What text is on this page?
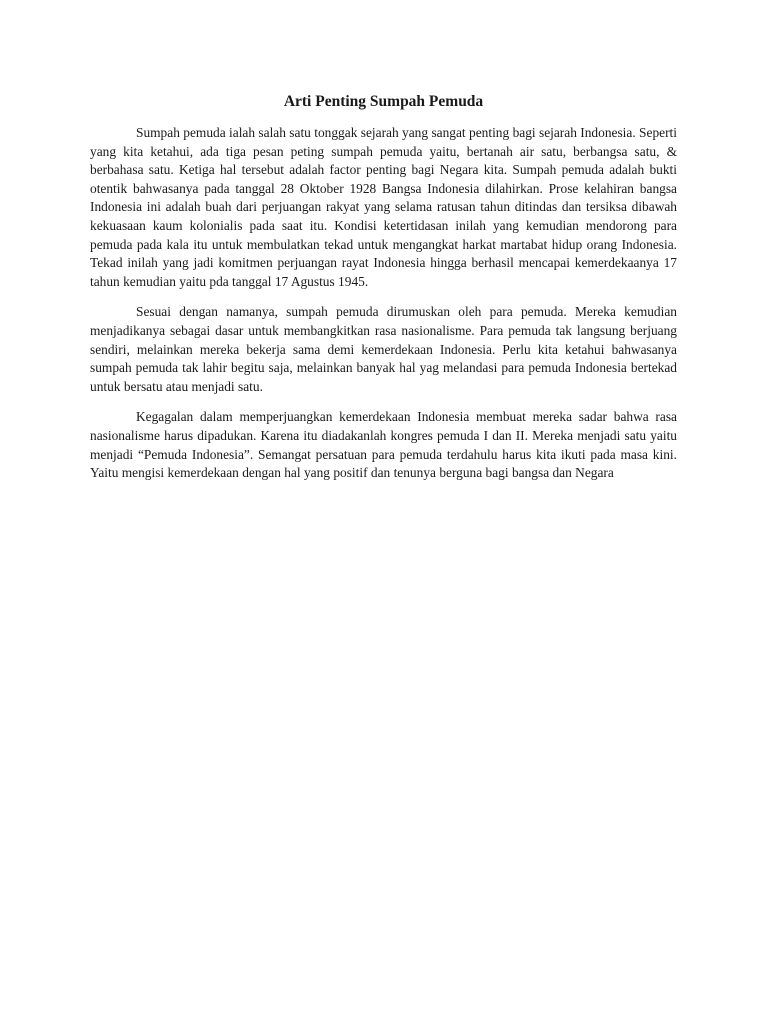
Arti Penting Sumpah Pemuda

Sumpah pemuda ialah salah satu tonggak sejarah yang sangat penting bagi sejarah Indonesia. Seperti yang kita ketahui, ada tiga pesan peting sumpah pemuda yaitu, bertanah air satu, berbangsa satu, & berbahasa satu. Ketiga hal tersebut adalah factor penting bagi Negara kita. Sumpah pemuda adalah bukti otentik bahwasanya pada tanggal 28 Oktober 1928 Bangsa Indonesia dilahirkan. Prose kelahiran bangsa Indonesia ini adalah buah dari perjuangan rakyat yang selama ratusan tahun ditindas dan tersiksa dibawah kekuasaan kaum kolonialis pada saat itu. Kondisi ketertidasan inilah yang kemudian mendorong para pemuda pada kala itu untuk membulatkan tekad untuk mengangkat harkat martabat hidup orang Indonesia. Tekad inilah yang jadi komitmen perjuangan rayat Indonesia hingga berhasil mencapai kemerdekaanya 17 tahun kemudian yaitu pda tanggal 17 Agustus 1945.

Sesuai dengan namanya, sumpah pemuda dirumuskan oleh para pemuda. Mereka kemudian menjadikanya sebagai dasar untuk membangkitkan rasa nasionalisme. Para pemuda tak langsung berjuang sendiri, melainkan mereka bekerja sama demi kemerdekaan Indonesia. Perlu kita ketahui bahwasanya sumpah pemuda tak lahir begitu saja, melainkan banyak hal yag melandasi para pemuda Indonesia bertekad untuk bersatu atau menjadi satu.

Kegagalan dalam memperjuangkan kemerdekaan Indonesia membuat mereka sadar bahwa rasa nasionalisme harus dipadukan. Karena itu diadakanlah kongres pemuda I dan II. Mereka menjadi satu yaitu menjadi “Pemuda Indonesia”. Semangat persatuan para pemuda terdahulu harus kita ikuti pada masa kini. Yaitu mengisi kemerdekaan dengan hal yang positif dan tenunya berguna bagi bangsa dan Negara
